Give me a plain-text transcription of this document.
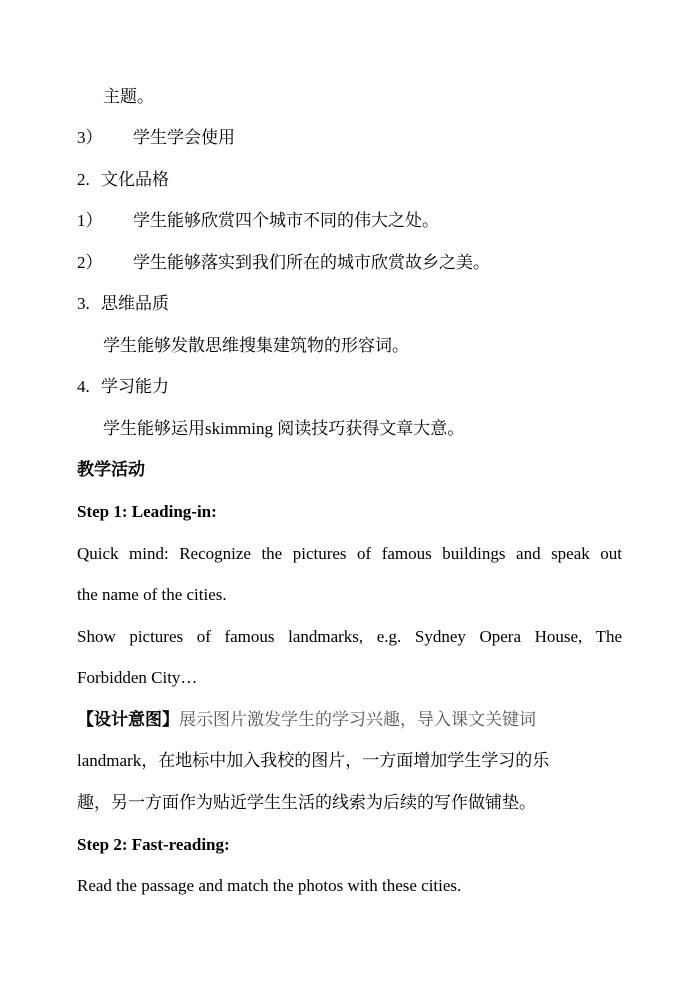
主题。
3） 学生学会使用
2. 文化品格
1） 学生能够欣赏四个城市不同的伟大之处。
2） 学生能够落实到我们所在的城市欣赏故乡之美。
3. 思维品质
学生能够发散思维搜集建筑物的形容词。
4. 学习能力
学生能够运用skimming 阅读技巧获得文章大意。
教学活动
Step 1: Leading-in:
Quick mind: Recognize the pictures of famous buildings and speak out
the name of the cities.
Show pictures of famous landmarks, e.g. Sydney Opera House, The
Forbidden City…
【设计意图】展示图片激发学生的学习兴趣，导入课文关键词
landmark，在地标中加入我校的图片，一方面增加学生学习的乐
趣，另一方面作为贴近学生生活的线索为后续的写作做铺垫。
Step 2: Fast-reading:
Read the passage and match the photos with these cities.
